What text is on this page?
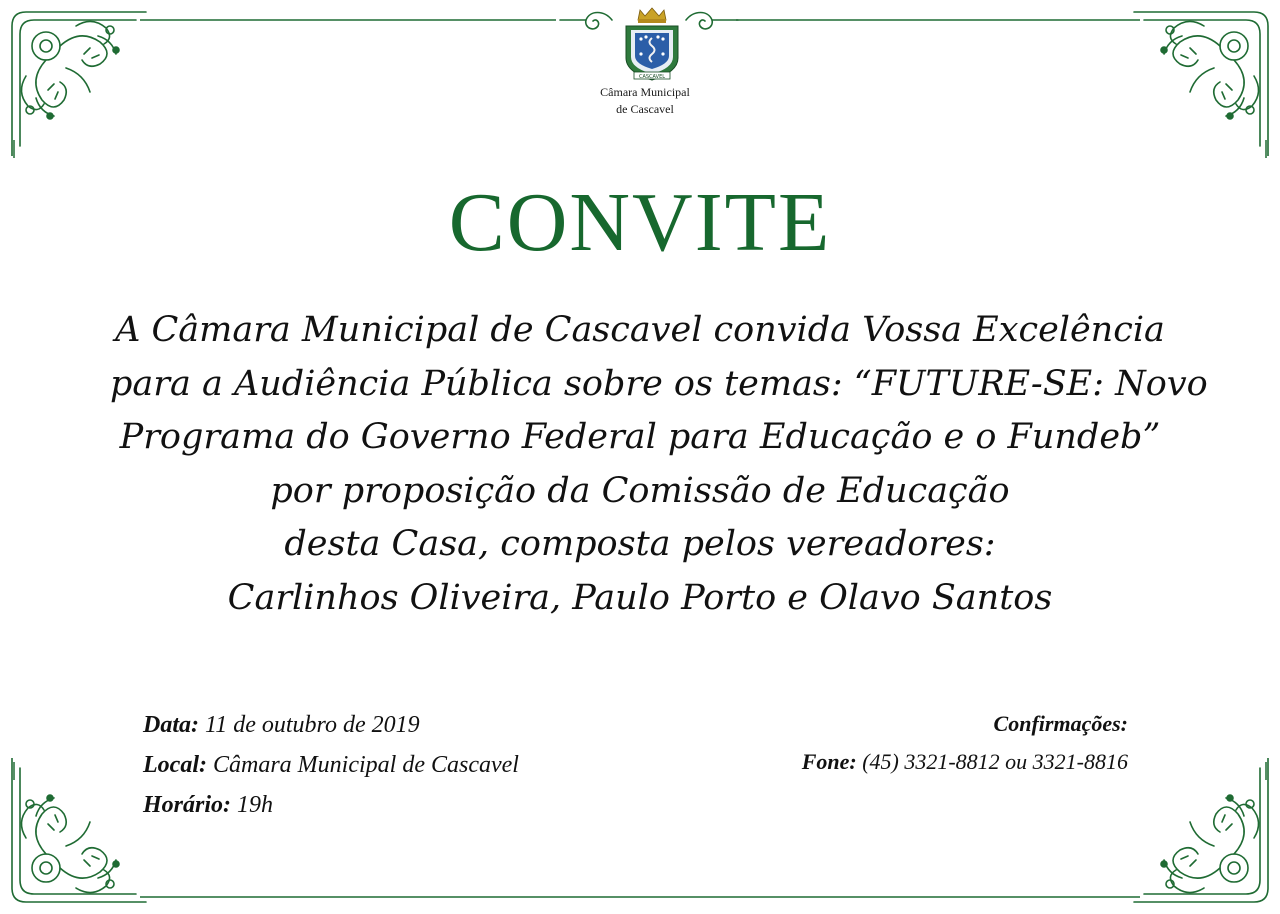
CASCAVEL
Câmara Municipal
de Cascavel
CONVITE
A Câmara Municipal de Cascavel convida Vossa Excelência
para a Audiência Pública sobre os temas: “FUTURE-SE: Novo
Programa do Governo Federal para Educação e o Fundeb”
por proposição da Comissão de Educação
desta Casa, composta pelos vereadores:
Carlinhos Oliveira, Paulo Porto e Olavo Santos
Data: 11 de outubro de 2019
Local: Câmara Municipal de Cascavel
Horário: 19h
Confirmações:
Fone: (45) 3321-8812 ou 3321-8816
